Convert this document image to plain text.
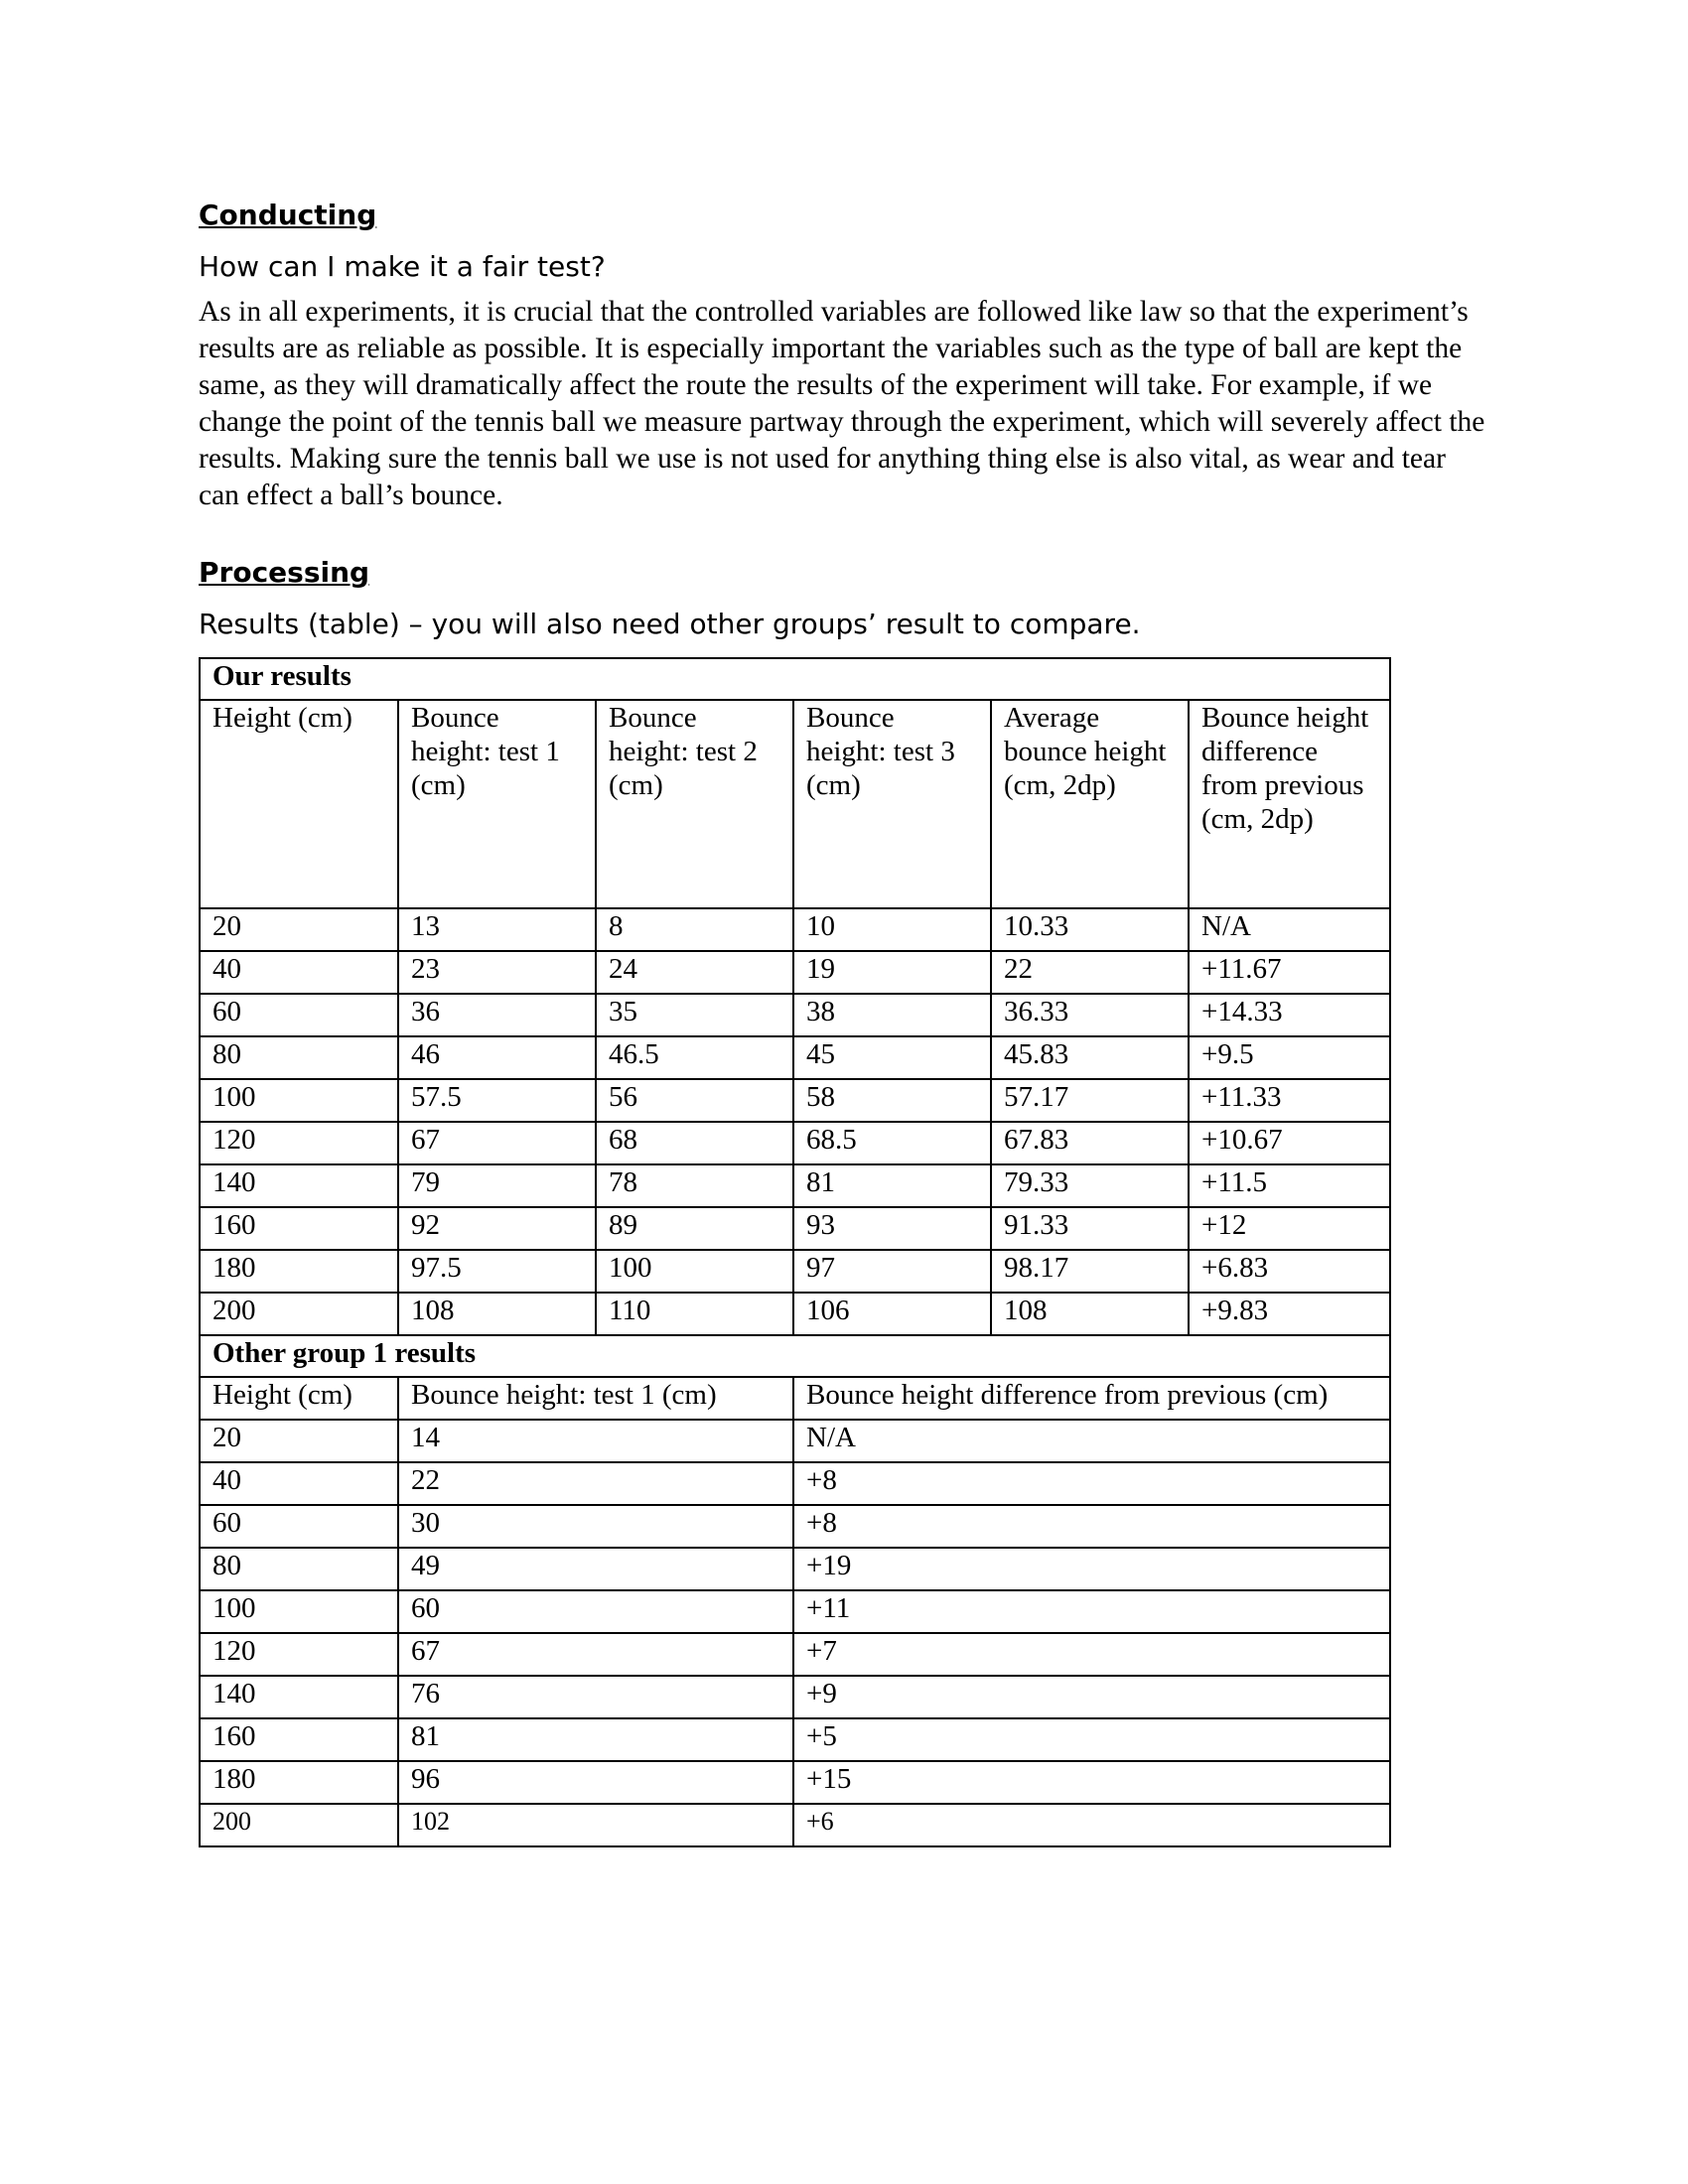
Conducting

How can I make it a fair test?

As in all experiments, it is crucial that the controlled variables are followed like law so that the experiment’s results are as reliable as possible. It is especially important the variables such as the type of ball are kept the same, as they will dramatically affect the route the results of the experiment will take. For example, if we change the point of the tennis ball we measure partway through the experiment, which will severely affect the results. Making sure the tennis ball we use is not used for anything thing else is also vital, as wear and tear can effect a ball’s bounce.

Processing

Results (table) – you will also need other groups’ result to compare.

Our results					
Height (cm)	Bounce height: test 1 (cm)	Bounce height: test 2 (cm)	Bounce height: test 3 (cm)	Average bounce height (cm, 2dp)	Bounce height difference from previous (cm, 2dp)
20	13	8	10	10.33	N/A
40	23	24	19	22	+11.67
60	36	35	38	36.33	+14.33
80	46	46.5	45	45.83	+9.5
100	57.5	56	58	57.17	+11.33
120	67	68	68.5	67.83	+10.67
140	79	78	81	79.33	+11.5
160	92	89	93	91.33	+12
180	97.5	100	97	98.17	+6.83
200	108	110	106	108	+9.83
Other group 1 results					
Height (cm)	Bounce height: test 1 (cm)		Bounce height difference from previous (cm)		
20	14		N/A		
40	22		+8		
60	30		+8		
80	49		+19		
100	60		+11		
120	67		+7		
140	76		+9		
160	81		+5		
180	96		+15		
200	102		+6		
